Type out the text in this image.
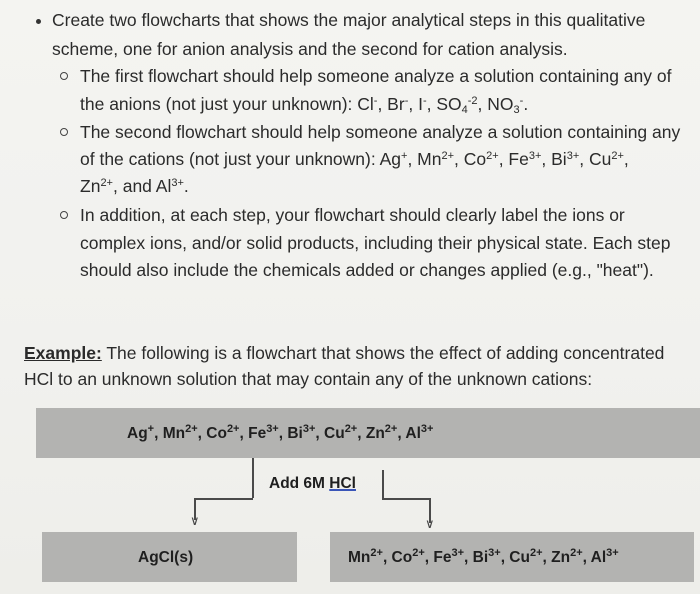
Create two flowcharts that shows the major analytical steps in this qualitative
scheme, one for anion analysis and the second for cation analysis.
The first flowchart should help someone analyze a solution containing any of
the anions (not just your unknown): Cl-, Br-, I-, $SO_4^{-2}$, $NO_3^-$.
The second flowchart should help someone analyze a solution containing any
of the cations (not just your unknown): Ag+, $Mn^{2+}$, $Co^{2+}$, $Fe^{3+}$, $Bi^{3+}$, $Cu^{2+}$,
$Zn^{2+}$, and $Al^{3+}$.
In addition, at each step, your flowchart should clearly label the ions or
complex ions, and/or solid products, including their physical state. Each step
should also include the chemicals added or changes applied (e.g., "heat").
Example: The following is a flowchart that shows the effect of adding concentrated
HCl to an unknown solution that may contain any of the unknown cations:
Ag+, $Mn^{2+}$, $Co^{2+}$, $Fe^{3+}$, $Bi^{3+}$, $Cu^{2+}$, $Zn^{2+}$, $Al^{3+}$
Add 6M HCl
∨	∨
AgCl(s)	$Mn^{2+}$, $Co^{2+}$, $Fe^{3+}$, $Bi^{3+}$, $Cu^{2+}$, $Zn^{2+}$, $Al^{3+}$
